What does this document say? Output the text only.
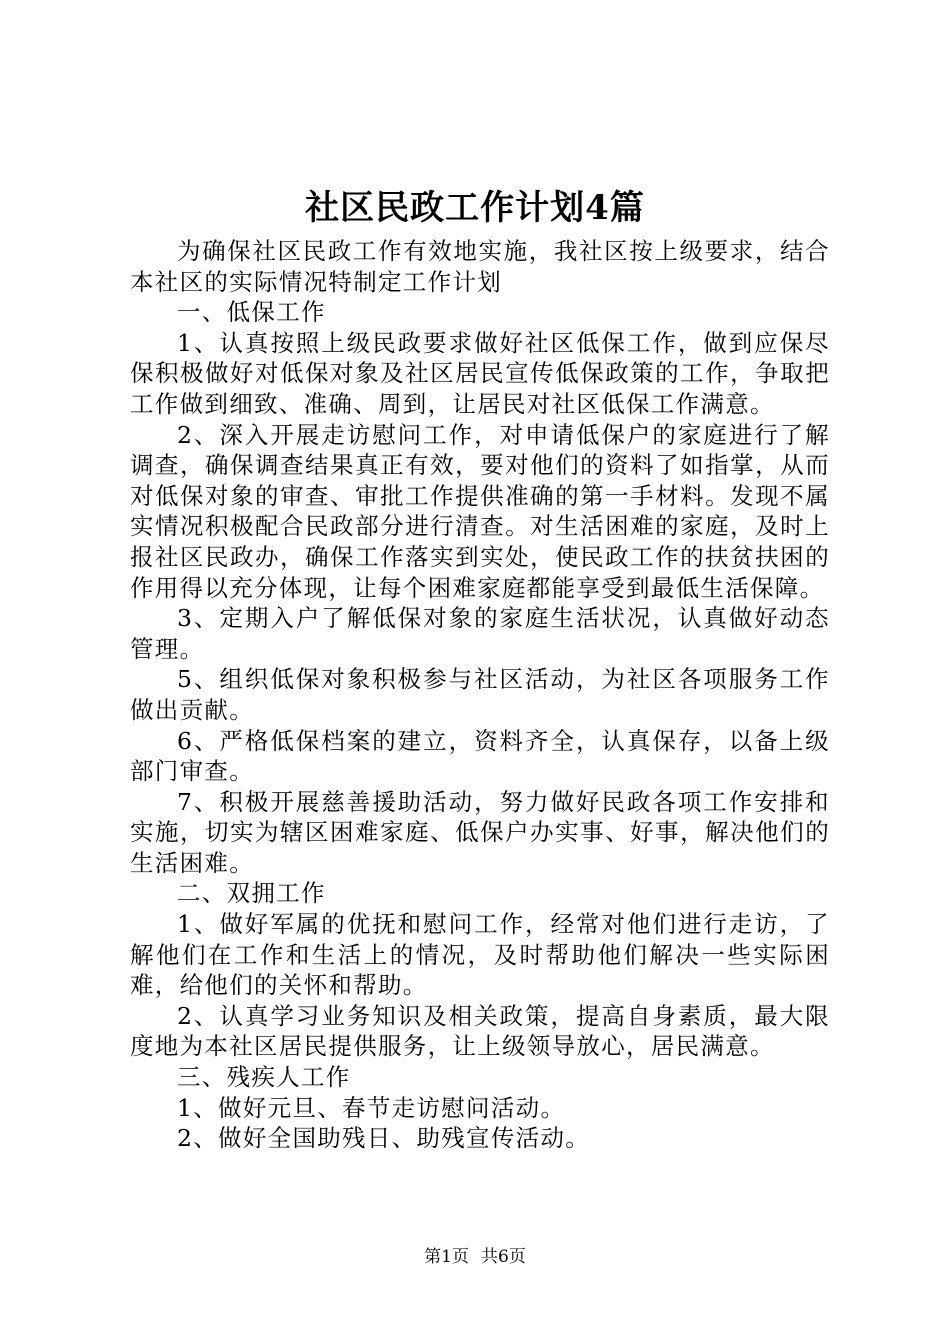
社区民政工作计划4篇

为确保社区民政工作有效地实施，我社区按上级要求，结合本社区的实际情况特制定工作计划

一、低保工作

1、认真按照上级民政要求做好社区低保工作，做到应保尽保积极做好对低保对象及社区居民宣传低保政策的工作，争取把工作做到细致、准确、周到，让居民对社区低保工作满意。

2、深入开展走访慰问工作，对申请低保户的家庭进行了解调查，确保调查结果真正有效，要对他们的资料了如指掌，从而对低保对象的审查、审批工作提供准确的第一手材料。发现不属实情况积极配合民政部分进行清查。对生活困难的家庭，及时上报社区民政办，确保工作落实到实处，使民政工作的扶贫扶困的作用得以充分体现，让每个困难家庭都能享受到最低生活保障。

3、定期入户了解低保对象的家庭生活状况，认真做好动态管理。

5、组织低保对象积极参与社区活动，为社区各项服务工作做出贡献。

6、严格低保档案的建立，资料齐全，认真保存，以备上级部门审查。

7、积极开展慈善援助活动，努力做好民政各项工作安排和实施，切实为辖区困难家庭、低保户办实事、好事，解决他们的生活困难。

二、双拥工作

1、做好军属的优抚和慰问工作，经常对他们进行走访，了解他们在工作和生活上的情况，及时帮助他们解决一些实际困难，给他们的关怀和帮助。

2、认真学习业务知识及相关政策，提高自身素质，最大限度地为本社区居民提供服务，让上级领导放心，居民满意。

三、残疾人工作

1、做好元旦、春节走访慰问活动。

2、做好全国助残日、助残宣传活动。

第1页 共6页
